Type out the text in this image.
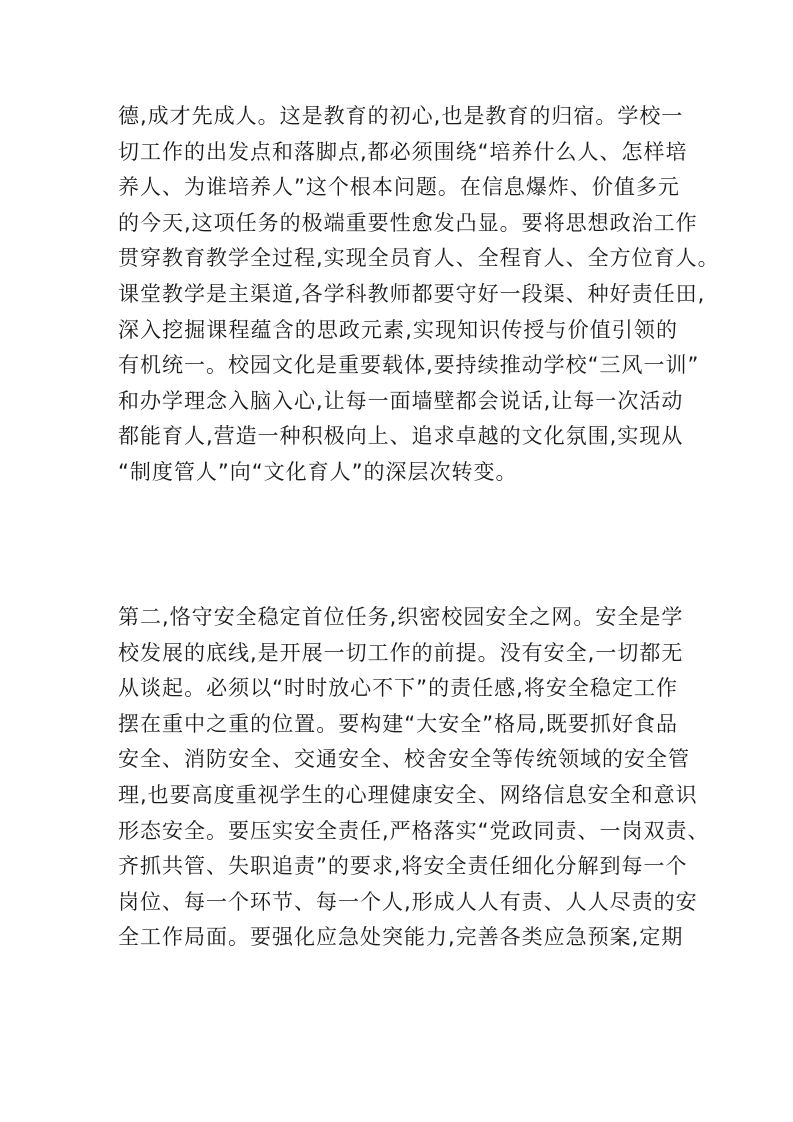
德,成才先成人。这是教育的初心,也是教育的归宿。学校一
切工作的出发点和落脚点,都必须围绕“培养什么人、怎样培
养人、为谁培养人”这个根本问题。在信息爆炸、价值多元
的今天,这项任务的极端重要性愈发凸显。要将思想政治工作
贯穿教育教学全过程,实现全员育人、全程育人、全方位育人。
课堂教学是主渠道,各学科教师都要守好一段渠、种好责任田,
深入挖掘课程蕴含的思政元素,实现知识传授与价值引领的
有机统一。校园文化是重要载体,要持续推动学校“三风一训”
和办学理念入脑入心,让每一面墙壁都会说话,让每一次活动
都能育人,营造一种积极向上、追求卓越的文化氛围,实现从
“制度管人”向“文化育人”的深层次转变。
第二,恪守安全稳定首位任务,织密校园安全之网。安全是学
校发展的底线,是开展一切工作的前提。没有安全,一切都无
从谈起。必须以“时时放心不下”的责任感,将安全稳定工作
摆在重中之重的位置。要构建“大安全”格局,既要抓好食品
安全、消防安全、交通安全、校舍安全等传统领域的安全管
理,也要高度重视学生的心理健康安全、网络信息安全和意识
形态安全。要压实安全责任,严格落实“党政同责、一岗双责、
齐抓共管、失职追责”的要求,将安全责任细化分解到每一个
岗位、每一个环节、每一个人,形成人人有责、人人尽责的安
全工作局面。要强化应急处突能力,完善各类应急预案,定期
